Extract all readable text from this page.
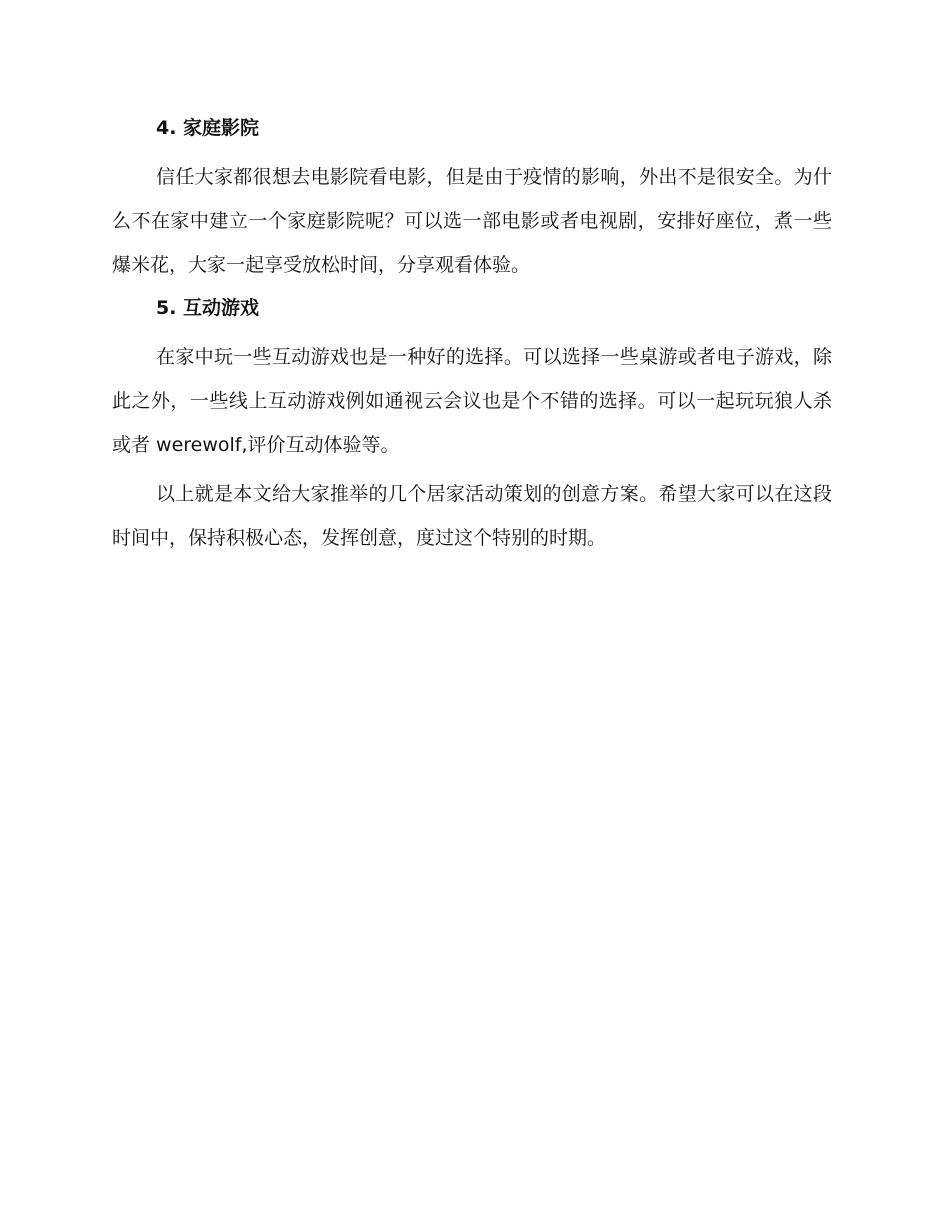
4. 家庭影院

信任大家都很想去电影院看电影，但是由于疫情的影响，外出不是很安全。为什么不在家中建立一个家庭影院呢？可以选一部电影或者电视剧，安排好座位，煮一些爆米花，大家一起享受放松时间，分享观看体验。

5. 互动游戏

在家中玩一些互动游戏也是一种好的选择。可以选择一些桌游或者电子游戏，除此之外，一些线上互动游戏例如通视云会议也是个不错的选择。可以一起玩玩狼人杀或者 werewolf,评价互动体验等。

以上就是本文给大家推举的几个居家活动策划的创意方案。希望大家可以在这段时间中，保持积极心态，发挥创意，度过这个特别的时期。
